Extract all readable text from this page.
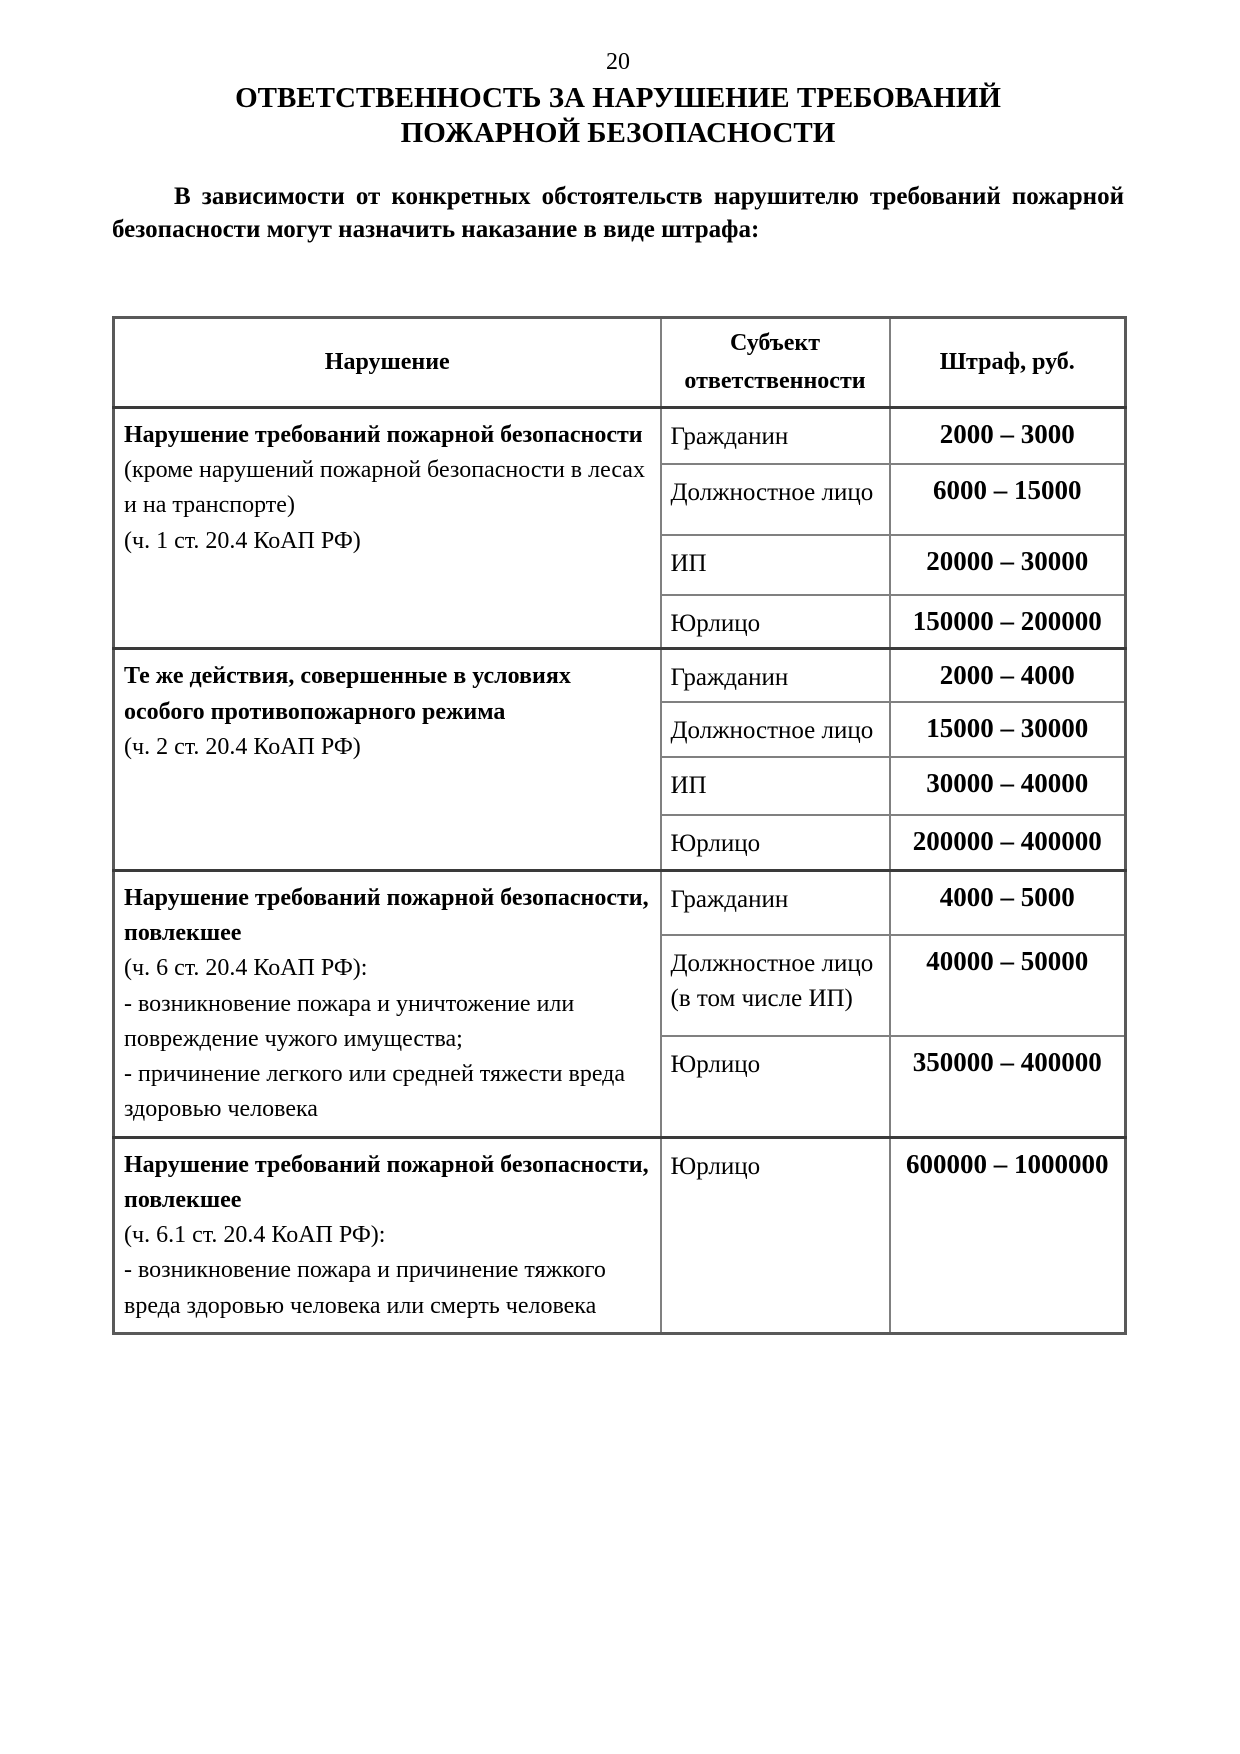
20
ОТВЕТСТВЕННОСТЬ ЗА НАРУШЕНИЕ ТРЕБОВАНИЙ
ПОЖАРНОЙ БЕЗОПАСНОСТИ

В зависимости от конкретных обстоятельств нарушителю требований пожарной безопасности могут назначить наказание в виде штрафа:

Нарушение	Субъект ответственности	Штраф, руб.
Нарушение требований пожарной безопасности (кроме нарушений пожарной безопасности в лесах и на транспорте)
(ч. 1 ст. 20.4 КоАП РФ)	Гражданин	2000 – 3000
	Должностное лицо	6000 – 15000
	ИП	20000 – 30000
	Юрлицо	150000 – 200000
Те же действия, совершенные в условиях особого противопожарного режима
(ч. 2 ст. 20.4 КоАП РФ)	Гражданин	2000 – 4000
	Должностное лицо	15000 – 30000
	ИП	30000 – 40000
	Юрлицо	200000 – 400000
Нарушение требований пожарной безопасности, повлекшее
(ч. 6 ст. 20.4 КоАП РФ):
- возникновение пожара и уничтожение или повреждение чужого имущества;
- причинение легкого или средней тяжести вреда здоровью человека	Гражданин	4000 – 5000
	Должностное лицо (в том числе ИП)	40000 – 50000
	Юрлицо	350000 – 400000
Нарушение требований пожарной безопасности, повлекшее
(ч. 6.1 ст. 20.4 КоАП РФ):
- возникновение пожара и причинение тяжкого вреда здоровью человека или смерть человека	Юрлицо	600000 – 1000000
